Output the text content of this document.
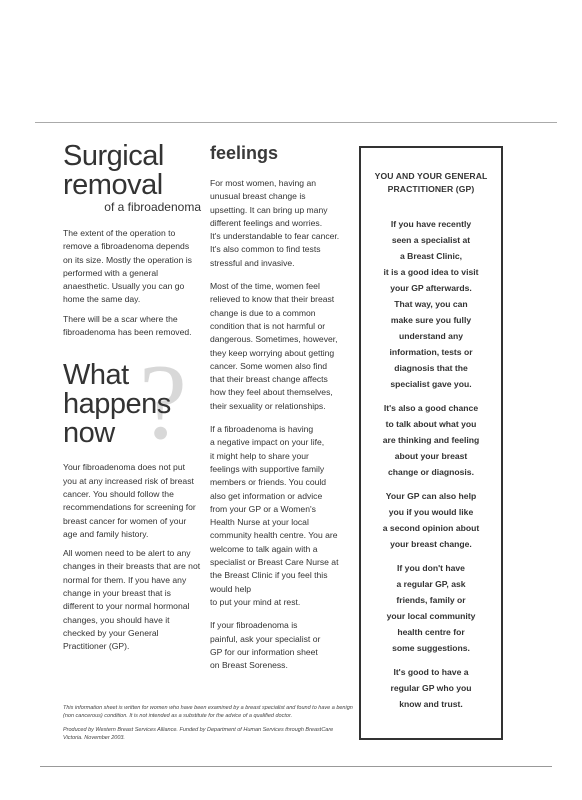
Surgical
removal
of a fibroadenoma

The extent of the operation to remove a fibroadenoma depends on its size. Mostly the operation is performed with a general anaesthetic. Usually you can go home the same day.

There will be a scar where the fibroadenoma has been removed.

?
What
happens
now

Your fibroadenoma does not put you at any increased risk of breast cancer. You should follow the recommendations for screening for breast cancer for women of your age and family history.

All women need to be alert to any changes in their breasts that are not normal for them. If you have any change in your breast that is different to your normal hormonal changes, you should have it checked by your General Practitioner (GP).

feelings

For most women, having an
unusual breast change is
upsetting. It can bring up many
different feelings and worries.
It's understandable to fear cancer.
It's also common to find tests
stressful and invasive.

Most of the time, women feel
relieved to know that their breast
change is due to a common
condition that is not harmful or
dangerous. Sometimes, however,
they keep worrying about getting
cancer. Some women also find
that their breast change affects
how they feel about themselves,
their sexuality or relationships.

If a fibroadenoma is having
a negative impact on your life,
it might help to share your
feelings with supportive family
members or friends. You could
also get information or advice
from your GP or a Women's
Health Nurse at your local
community health centre. You are
welcome to talk again with a
specialist or Breast Care Nurse at
the Breast Clinic if you feel this
would help
to put your mind at rest.

If your fibroadenoma is
painful, ask your specialist or
GP for our information sheet
on Breast Soreness.

YOU AND YOUR GENERAL
PRACTITIONER (GP)

If you have recently
seen a specialist at
a Breast Clinic,
it is a good idea to visit
your GP afterwards.
That way, you can
make sure you fully
understand any
information, tests or
diagnosis that the
specialist gave you.

It's also a good chance
to talk about what you
are thinking and feeling
about your breast
change or diagnosis.

Your GP can also help
you if you would like
a second opinion about
your breast change.

If you don't have
a regular GP, ask
friends, family or
your local community
health centre for
some suggestions.

It's good to have a
regular GP who you
know and trust.

This information sheet is written for women who have been examined by a breast specialist and found to have a benign (non cancerous) condition. It is not intended as a substitute for the advice of a qualified doctor.

Produced by Western Breast Services Alliance. Funded by Department of Human Services through BreastCare Victoria. November 2003.
